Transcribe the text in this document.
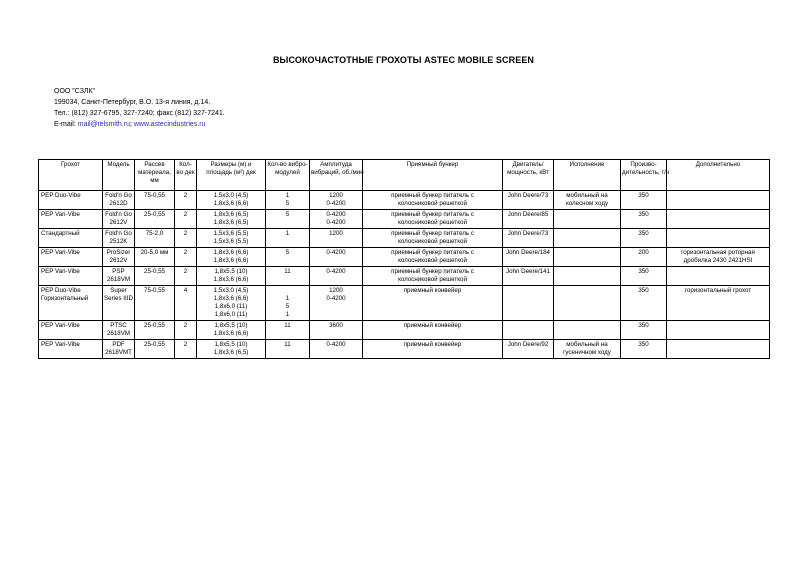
ВЫСОКОЧАСТОТНЫЕ ГРОХОТЫ ASTEC MOBILE SCREEN
ООО "СЗЛК"
199034, Санкт-Петербург, В.О. 13-я линия, д.14.
Тел.: (812) 327-6795, 327-7240; факс (812) 327-7241.
E-mail: mail@telsmith.ru; www.astecindustries.ru
Грохот	Модель	Рассев
материала,
мм	Кол-
во дек	Размеры (м) и
площадь (м²) дек	Кол-во вибро-
модулей	Амплитуда
вибраций, об./мин	Приемный бункер	Двигатель/
мощность, кВт	Исполнение	Произво-
дительность, т/ч	Дополнительно

PEP Duo-Vibe	Fold'n Go
2612D	75-0,55	2	1,5x3,0 (4,5)
1,8x3,6 (6,6)	1
5	1200
0-4200	приемный бункер питатель с
колосниковой решеткой	John Deere/73	мобильный на
колесном ходу	350	

PEP Vari-Vibe	Fold'n Go
2612V	25-0,55	2	1,8x3,6 (6,5)
1,8x3,6 (6,5)	5	0-4200
0-4200	приемный бункер питатель с
колосниковой решеткой	John Deere/85		350	

Стандартный	Fold'n Go
2512K	75-2,0	2	1,5x3,6 (5,5)
1,5x3,6 (5,5)	1	1200	приемный бункер питатель с
колосниковой решеткой	John Deere/73		350	

PEP Vari-Vibe	ProSizer
2612V	20-5,0 мм	2	1,8x3,6 (6,6)
1,8x3,6 (6,6)	5	0-4200	приемный бункер питатель с
колосниковой решеткой	John Deere/184		200	горизонтальная роторная
дробилка 2430 2421HSI

PEP Vari-Vibe	PSP
2618VM	25-0,55	2	1,8x5,5 (10)
1,8x3,6 (6,6)	11	0-4200	приемный бункер питатель с
колосниковой решеткой	John Deere/141		350	

PEP Duo-Vibe
Горизонтальный	Super
Series IIID	75-0,55	4	1,5x3,0 (4,5)
1,8x3,6 (6,6)
1,8x6,0 (11)
1,8x6,0 (11)	1
5
1	1200
0-4200	приемный конвейер			350	горизонтальный грохот

PEP Vari-Vibe	PTSC
2618VM	25-0,55	2	1,8x5,5 (10)
1,8x3,6 (6,6)	11	3600	приемный конвейер			350	

PEP Vari-Vibe	PDF
2618VMT	25-0,55	2	1,8x5,5 (10)
1,8x3,6 (6,5)	11	0-4200	приемный конвейер	John Deere/92	мобильный на
гусеничном ходу	350	
